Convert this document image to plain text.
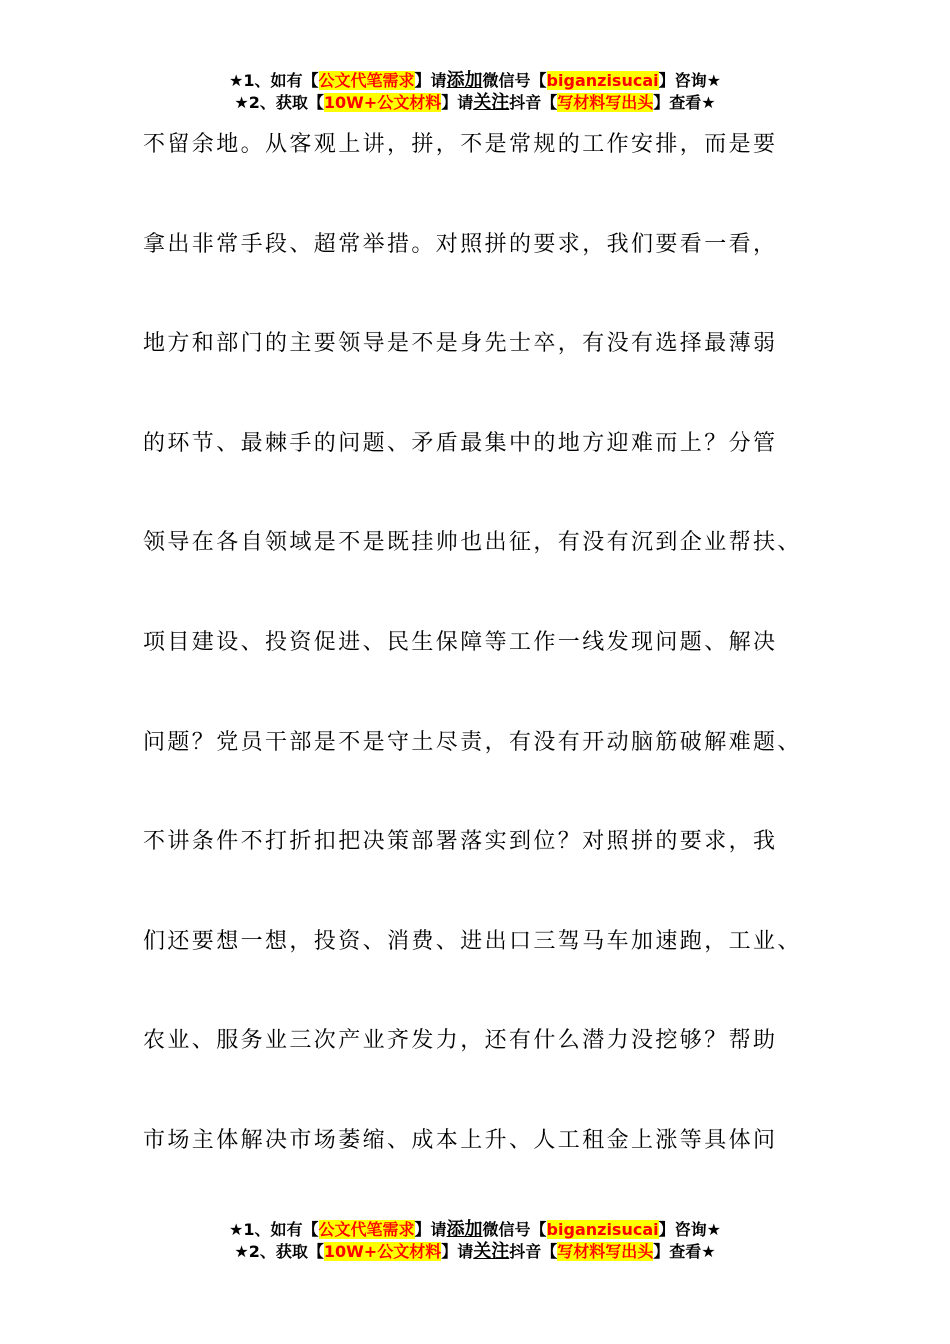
★1、如有【公文代笔需求】请添加微信号【biganzisucai】咨询★
★2、获取【10W+公文材料】请关注抖音【写材料写出头】查看★
不留余地。从客观上讲，拼，不是常规的工作安排，而是要
拿出非常手段、超常举措。对照拼的要求，我们要看一看，
地方和部门的主要领导是不是身先士卒，有没有选择最薄弱
的环节、最棘手的问题、矛盾最集中的地方迎难而上？分管
领导在各自领域是不是既挂帅也出征，有没有沉到企业帮扶、
项目建设、投资促进、民生保障等工作一线发现问题、解决
问题？党员干部是不是守土尽责，有没有开动脑筋破解难题、
不讲条件不打折扣把决策部署落实到位？对照拼的要求，我
们还要想一想，投资、消费、进出口三驾马车加速跑，工业、
农业、服务业三次产业齐发力，还有什么潜力没挖够？帮助
市场主体解决市场萎缩、成本上升、人工租金上涨等具体问
★1、如有【公文代笔需求】请添加微信号【biganzisucai】咨询★
★2、获取【10W+公文材料】请关注抖音【写材料写出头】查看★
